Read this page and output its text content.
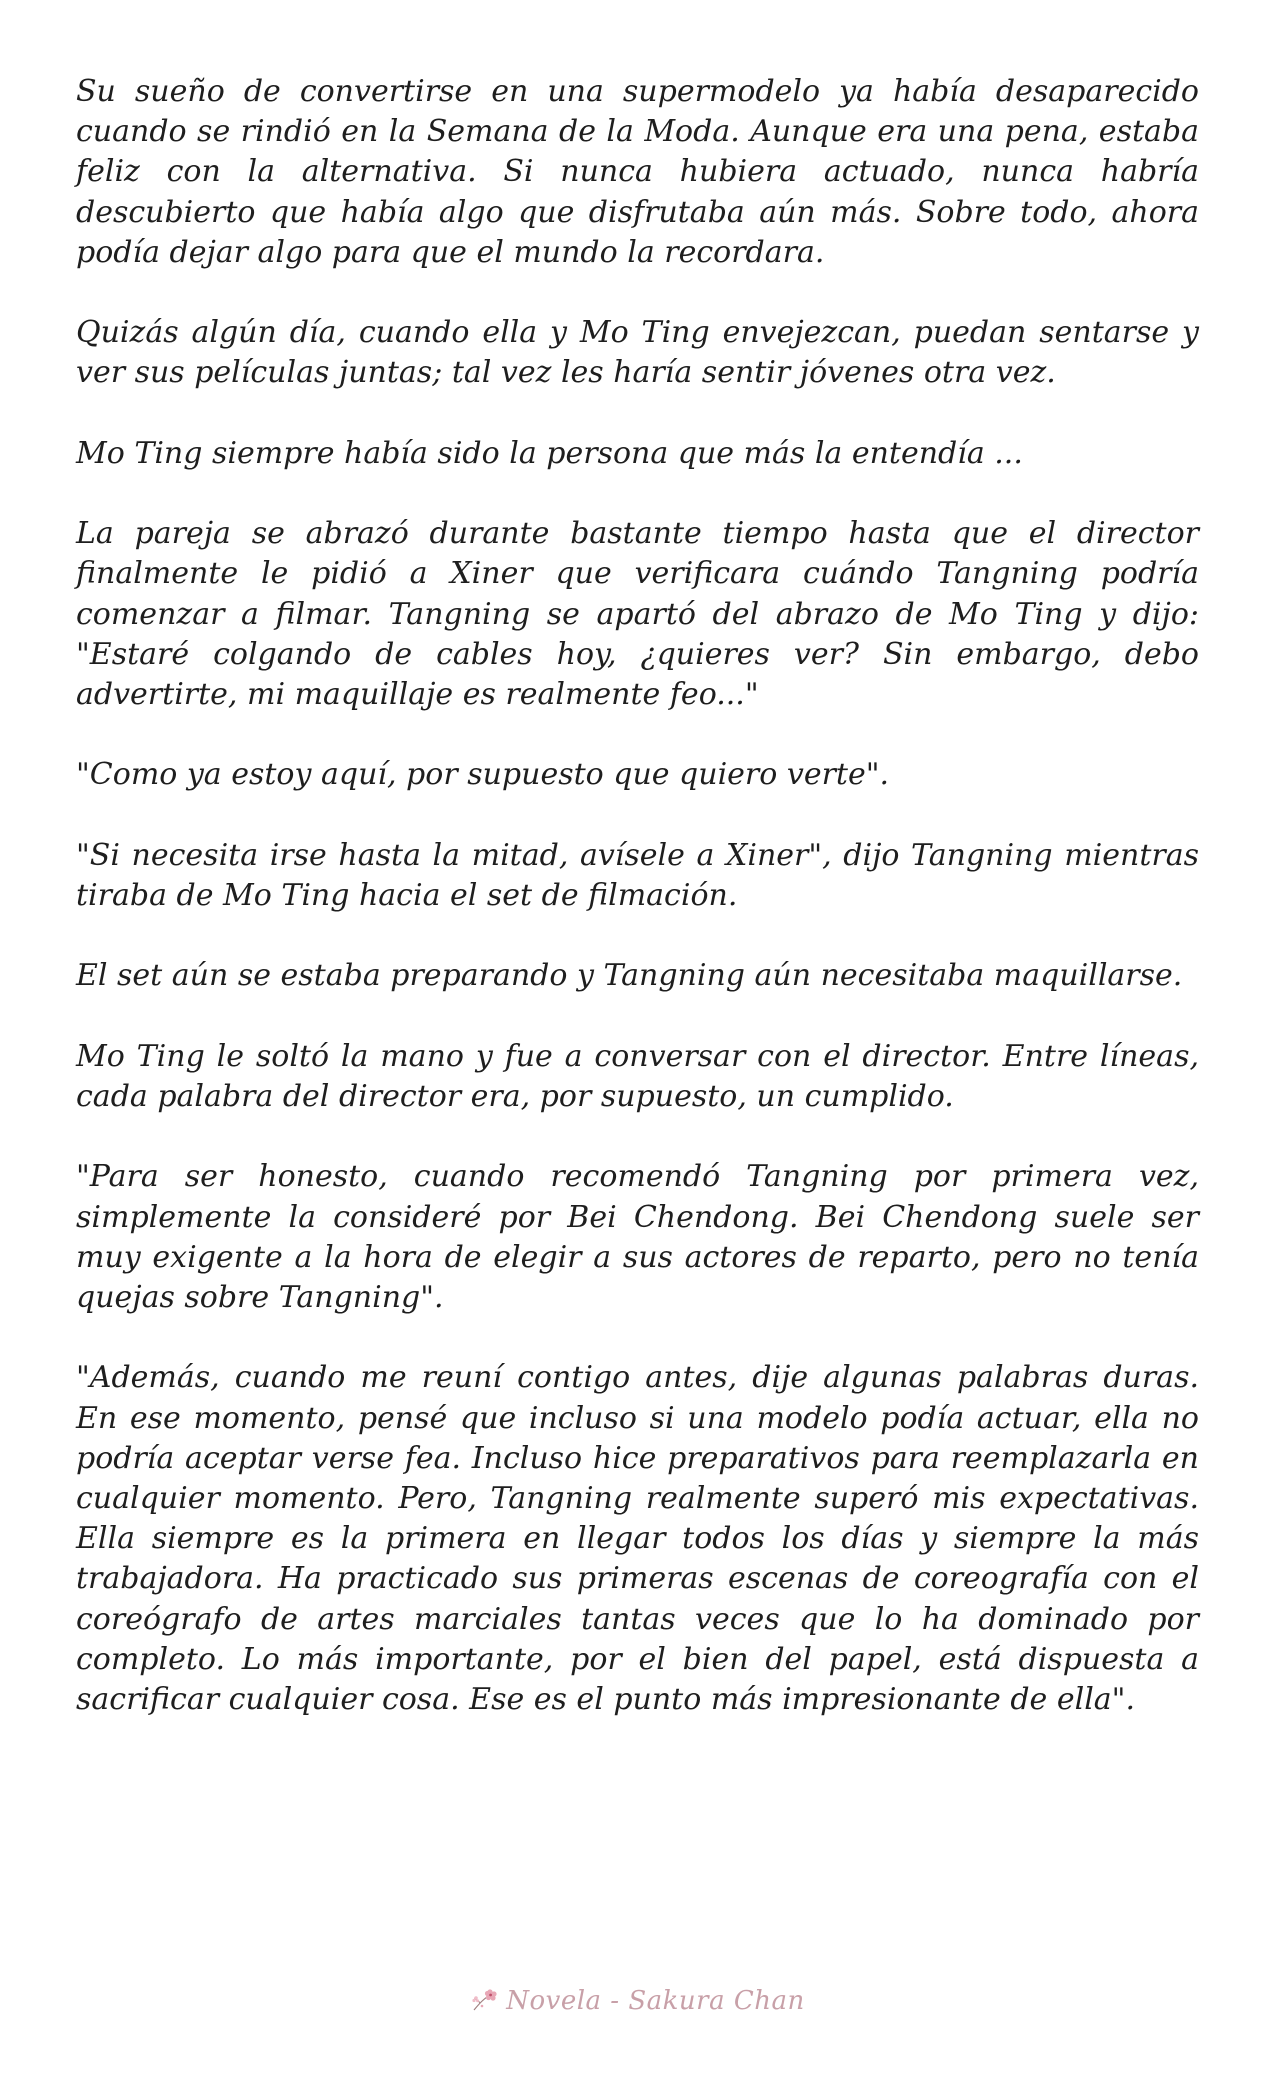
Su sueño de convertirse en una supermodelo ya había desaparecido cuando se rindió en la Semana de la Moda. Aunque era una pena, estaba feliz con la alternativa. Si nunca hubiera actuado, nunca habría descubierto que había algo que disfrutaba aún más. Sobre todo, ahora podía dejar algo para que el mundo la recordara.

Quizás algún día, cuando ella y Mo Ting envejezcan, puedan sentarse y ver sus películas juntas; tal vez les haría sentir jóvenes otra vez.

Mo Ting siempre había sido la persona que más la entendía ...

La pareja se abrazó durante bastante tiempo hasta que el director finalmente le pidió a Xiner que verificara cuándo Tangning podría comenzar a filmar. Tangning se apartó del abrazo de Mo Ting y dijo: "Estaré colgando de cables hoy, ¿quieres ver? Sin embargo, debo advertirte, mi maquillaje es realmente feo..."

"Como ya estoy aquí, por supuesto que quiero verte".

"Si necesita irse hasta la mitad, avísele a Xiner", dijo Tangning mientras tiraba de Mo Ting hacia el set de filmación.

El set aún se estaba preparando y Tangning aún necesitaba maquillarse.

Mo Ting le soltó la mano y fue a conversar con el director. Entre líneas, cada palabra del director era, por supuesto, un cumplido.

"Para ser honesto, cuando recomendó Tangning por primera vez, simplemente la consideré por Bei Chendong. Bei Chendong suele ser muy exigente a la hora de elegir a sus actores de reparto, pero no tenía quejas sobre Tangning".

"Además, cuando me reuní contigo antes, dije algunas palabras duras. En ese momento, pensé que incluso si una modelo podía actuar, ella no podría aceptar verse fea. Incluso hice preparativos para reemplazarla en cualquier momento. Pero, Tangning realmente superó mis expectativas. Ella siempre es la primera en llegar todos los días y siempre la más trabajadora. Ha practicado sus primeras escenas de coreografía con el coreógrafo de artes marciales tantas veces que lo ha dominado por completo. Lo más importante, por el bien del papel, está dispuesta a sacrificar cualquier cosa. Ese es el punto más impresionante de ella".

Novela - Sakura Chan
